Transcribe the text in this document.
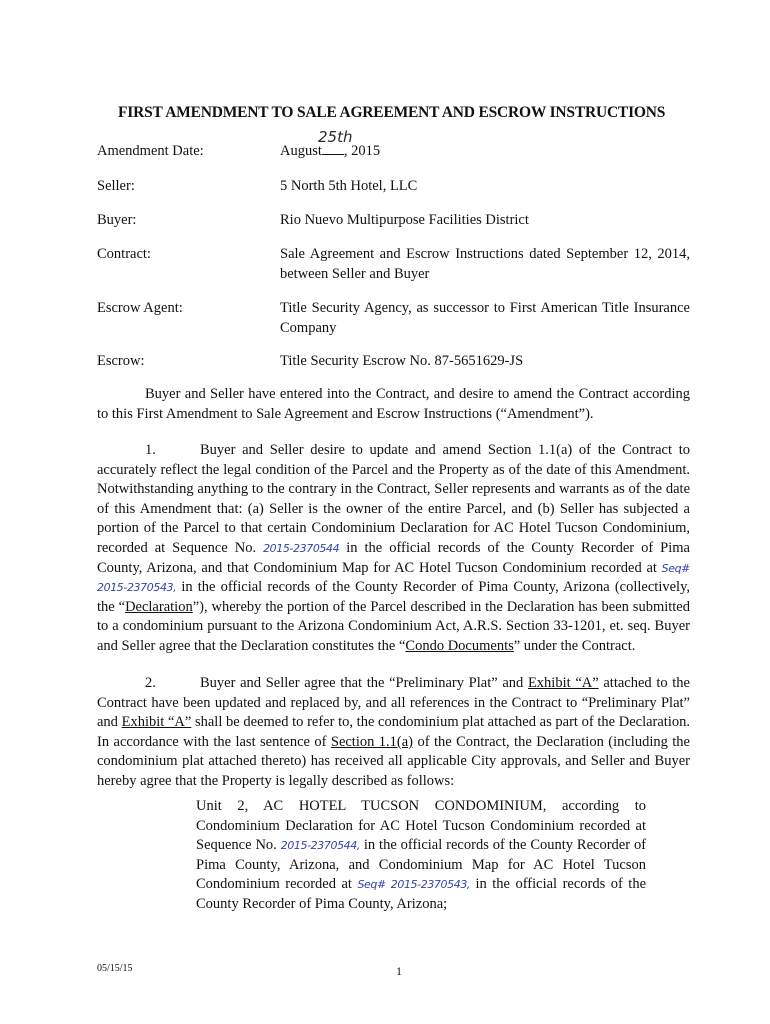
FIRST AMENDMENT TO SALE AGREEMENT AND ESCROW INSTRUCTIONS
Amendment Date:	August , 2015
25th
Seller:	5 North 5th Hotel, LLC
Buyer:	Rio Nuevo Multipurpose Facilities District
Contract:	Sale Agreement and Escrow Instructions dated September 12, 2014, between Seller and Buyer
Escrow Agent:	Title Security Agency, as successor to First American Title Insurance Company
Escrow:	Title Security Escrow No. 87-5651629-JS
Buyer and Seller have entered into the Contract, and desire to amend the Contract according to this First Amendment to Sale Agreement and Escrow Instructions (“Amendment”).
1.	Buyer and Seller desire to update and amend Section 1.1(a) of the Contract to accurately reflect the legal condition of the Parcel and the Property as of the date of this Amendment. Notwithstanding anything to the contrary in the Contract, Seller represents and warrants as of the date of this Amendment that: (a) Seller is the owner of the entire Parcel, and (b) Seller has subjected a portion of the Parcel to that certain Condominium Declaration for AC Hotel Tucson Condominium, recorded at Sequence No. 2015-2370544 in the official records of the County Recorder of Pima County, Arizona, and that Condominium Map for AC Hotel Tucson Condominium recorded at Seq# 2015-2370543, in the official records of the County Recorder of Pima County, Arizona (collectively, the “Declaration”), whereby the portion of the Parcel described in the Declaration has been submitted to a condominium pursuant to the Arizona Condominium Act, A.R.S. Section 33-1201, et. seq. Buyer and Seller agree that the Declaration constitutes the “Condo Documents” under the Contract.
2.	Buyer and Seller agree that the “Preliminary Plat” and Exhibit “A” attached to the Contract have been updated and replaced by, and all references in the Contract to “Preliminary Plat” and Exhibit “A” shall be deemed to refer to, the condominium plat attached as part of the Declaration. In accordance with the last sentence of Section 1.1(a) of the Contract, the Declaration (including the condominium plat attached thereto) has received all applicable City approvals, and Seller and Buyer hereby agree that the Property is legally described as follows:
Unit 2, AC HOTEL TUCSON CONDOMINIUM, according to Condominium Declaration for AC Hotel Tucson Condominium recorded at Sequence No. 2015-2370544, in the official records of the County Recorder of Pima County, Arizona, and Condominium Map for AC Hotel Tucson Condominium recorded at Seq# 2015-2370543, in the official records of the County Recorder of Pima County, Arizona;
05/15/15	1
